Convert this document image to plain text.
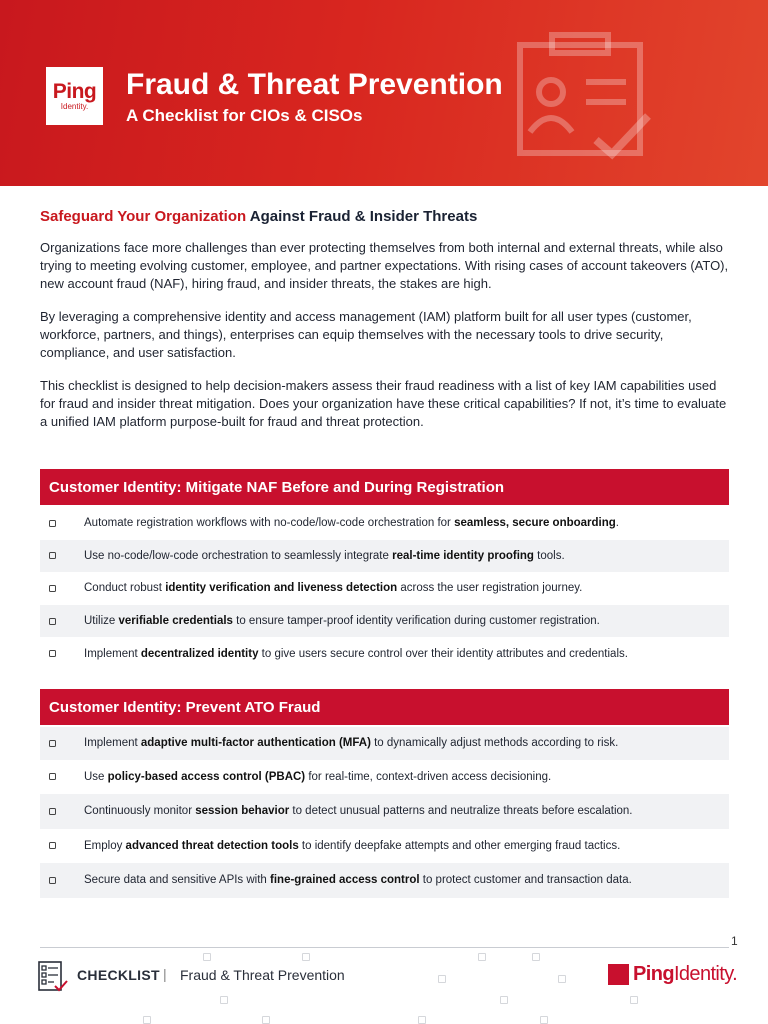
Ping
Identity.
Fraud & Threat Prevention
A Checklist for CIOs & CISOs
Safeguard Your Organization Against Fraud & Insider Threats

Organizations face more challenges than ever protecting themselves from both internal and external threats, while also trying to meeting evolving customer, employee, and partner expectations. With rising cases of account takeovers (ATO), new account fraud (NAF), hiring fraud, and insider threats, the stakes are high.

By leveraging a comprehensive identity and access management (IAM) platform built for all user types (customer, workforce, partners, and things), enterprises can equip themselves with the necessary tools to drive security, compliance, and user satisfaction.

This checklist is designed to help decision-makers assess their fraud readiness with a list of key IAM capabilities used for fraud and insider threat mitigation. Does your organization have these critical capabilities? If not, it’s time to evaluate a unified IAM platform purpose-built for fraud and threat protection.

Customer Identity: Mitigate NAF Before and During Registration
Automate registration workflows with no-code/low-code orchestration for seamless, secure onboarding.
Use no-code/low-code orchestration to seamlessly integrate real-time identity proofing tools.
Conduct robust identity verification and liveness detection across the user registration journey.
Utilize verifiable credentials to ensure tamper-proof identity verification during customer registration.
Implement decentralized identity to give users secure control over their identity attributes and credentials.
Customer Identity: Prevent ATO Fraud
Implement adaptive multi-factor authentication (MFA) to dynamically adjust methods according to risk.
Use policy-based access control (PBAC) for real-time, context-driven access decisioning.
Continuously monitor session behavior to detect unusual patterns and neutralize threats before escalation.
Employ advanced threat detection tools to identify deepfake attempts and other emerging fraud tactics.
Secure data and sensitive APIs with fine-grained access control to protect customer and transaction data.
1
CHECKLIST | Fraud & Threat Prevention	PingIdentity.
